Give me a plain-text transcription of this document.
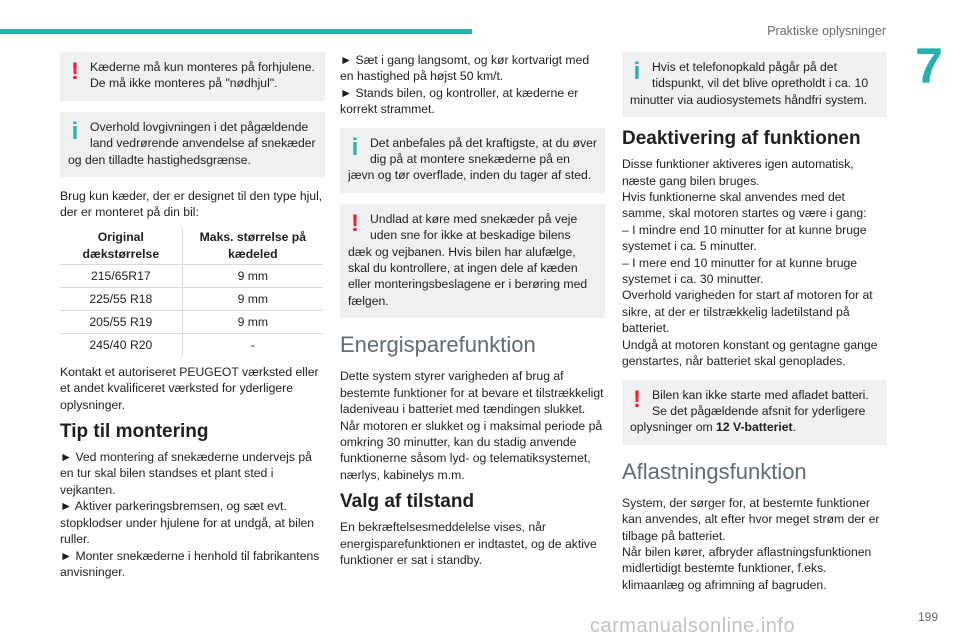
Praktiske oplysninger
7
! Kæderne må kun monteres på forhjulene. De må ikke monteres på "nødhjul".
i Overhold lovgivningen i det pågældende land vedrørende anvendelse af snekæder og den tilladte hastighedsgrænse.

Brug kun kæder, der er designet til den type hjul, der er monteret på din bil:

Original dækstørrelse	Maks. størrelse på kædeled
215/65R17	9 mm
225/55 R18	9 mm
205/55 R19	9 mm
245/40 R20	-

Kontakt et autoriseret PEUGEOT værksted eller et andet kvalificeret værksted for yderligere oplysninger.

Tip til montering

► Ved montering af snekæderne undervejs på en tur skal bilen standses et plant sted i vejkanten.

► Aktiver parkeringsbremsen, og sæt evt. stopklodser under hjulene for at undgå, at bilen ruller.

► Monter snekæderne i henhold til fabrikantens anvisninger.

► Sæt i gang langsomt, og kør kortvarigt med en hastighed på højst 50 km/t.

► Stands bilen, og kontroller, at kæderne er korrekt strammet.

i Det anbefales på det kraftigste, at du øver dig på at montere snekæderne på en jævn og tør overflade, inden du tager af sted.
! Undlad at køre med snekæder på veje uden sne for ikke at beskadige bilens dæk og vejbanen. Hvis bilen har alufælge, skal du kontrollere, at ingen dele af kæden eller monteringsbeslagene er i berøring med fælgen.
Energisparefunktion

Dette system styrer varigheden af brug af bestemte funktioner for at bevare et tilstrækkeligt ladeniveau i batteriet med tændingen slukket. Når motoren er slukket og i maksimal periode på omkring 30 minutter, kan du stadig anvende funktionerne såsom lyd- og telematiksystemet, nærlys, kabinelys m.m.

Valg af tilstand

En bekræftelsesmeddelelse vises, når energisparefunktionen er indtastet, og de aktive funktioner er sat i standby.

i Hvis et telefonopkald pågår på det tidspunkt, vil det blive opretholdt i ca. 10 minutter via audiosystemets håndfri system.
Deaktivering af funktionen

Disse funktioner aktiveres igen automatisk, næste gang bilen bruges.

Hvis funktionerne skal anvendes med det samme, skal motoren startes og være i gang:

– I mindre end 10 minutter for at kunne bruge systemet i ca. 5 minutter.

– I mere end 10 minutter for at kunne bruge systemet i ca. 30 minutter.

Overhold varigheden for start af motoren for at sikre, at der er tilstrækkelig ladetilstand på batteriet.

Undgå at motoren konstant og gentagne gange genstartes, når batteriet skal genoplades.

! Bilen kan ikke starte med afladet batteri. Se det pågældende afsnit for yderligere oplysninger om 12 V-batteriet.
Aflastningsfunktion

System, der sørger for, at bestemte funktioner kan anvendes, alt efter hvor meget strøm der er tilbage på batteriet.

Når bilen kører, afbryder aflastningsfunktionen midlertidigt bestemte funktioner, f.eks. klimaanlæg og afrimning af bagruden.

carmanualsonline.info	199
